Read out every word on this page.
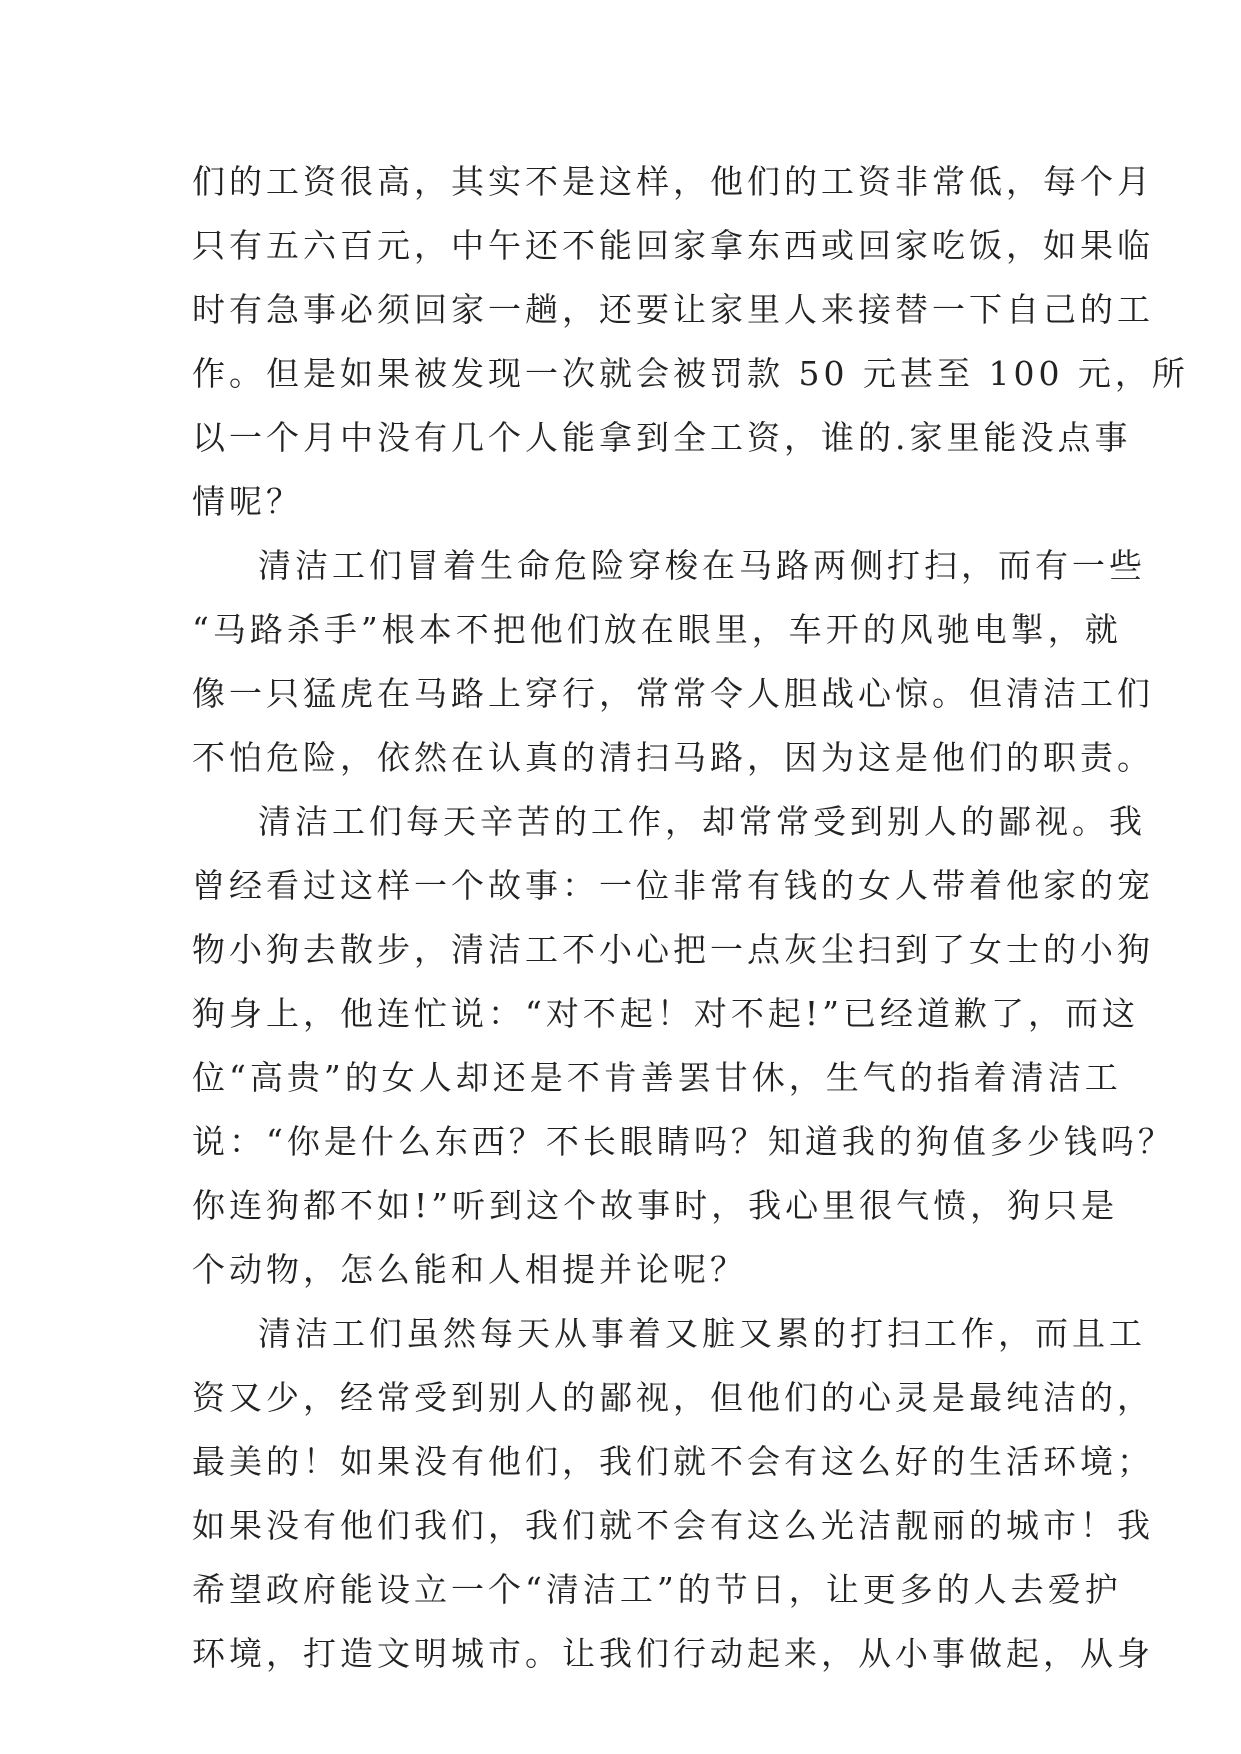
们的工资很高，其实不是这样，他们的工资非常低，每个月
只有五六百元，中午还不能回家拿东西或回家吃饭，如果临
时有急事必须回家一趟，还要让家里人来接替一下自己的工
作。但是如果被发现一次就会被罚款 50 元甚至 100 元，所
以一个月中没有几个人能拿到全工资，谁的.家里能没点事
情呢？
清洁工们冒着生命危险穿梭在马路两侧打扫，而有一些
“马路杀手”根本不把他们放在眼里，车开的风驰电掣，就
像一只猛虎在马路上穿行，常常令人胆战心惊。但清洁工们
不怕危险，依然在认真的清扫马路，因为这是他们的职责。
清洁工们每天辛苦的工作，却常常受到别人的鄙视。我
曾经看过这样一个故事：一位非常有钱的女人带着他家的宠
物小狗去散步，清洁工不小心把一点灰尘扫到了女士的小狗
狗身上，他连忙说：“对不起！对不起!”已经道歉了，而这
位“高贵”的女人却还是不肯善罢甘休，生气的指着清洁工
说：“你是什么东西？不长眼睛吗？知道我的狗值多少钱吗？
你连狗都不如!”听到这个故事时，我心里很气愤，狗只是
个动物，怎么能和人相提并论呢？
清洁工们虽然每天从事着又脏又累的打扫工作，而且工
资又少，经常受到别人的鄙视，但他们的心灵是最纯洁的，
最美的！如果没有他们，我们就不会有这么好的生活环境；
如果没有他们我们，我们就不会有这么光洁靓丽的城市！我
希望政府能设立一个“清洁工”的节日，让更多的人去爱护
环境，打造文明城市。让我们行动起来，从小事做起，从身
